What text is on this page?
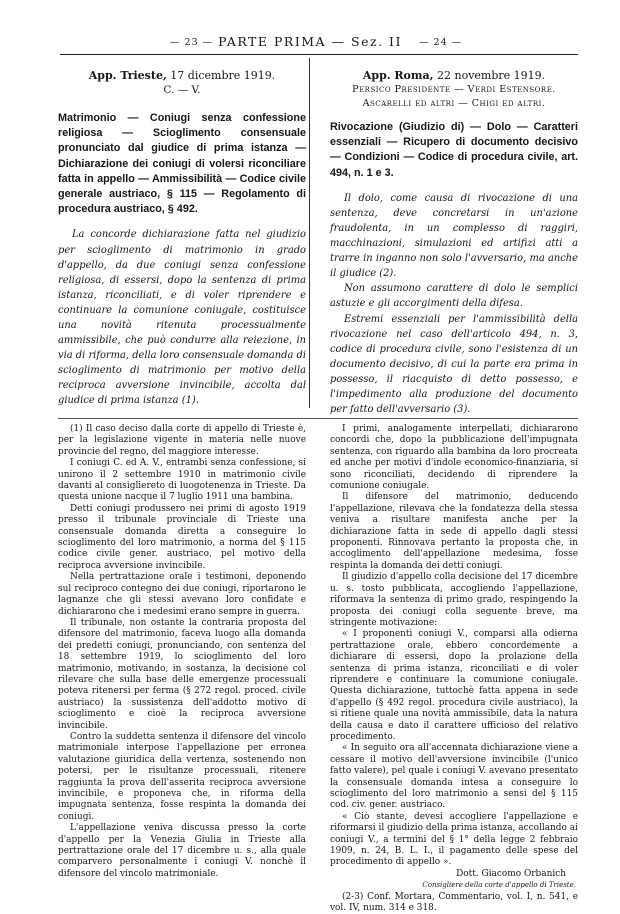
— 23 — PARTE PRIMA — Sez. II	— 24 —

App. Trieste, 17 dicembre 1919.

C. — V.

Matrimonio — Coniugi senza confessione religiosa — Scioglimento consensuale pronunciato dal giudice di prima istanza — Dichiarazione dei coniugi di volersi riconciliare fatta in appello — Ammissibilità — Codice civile generale austriaco, § 115 — Regolamento di procedura austriaco, § 492.

La concorde dichiarazione fatta nel giudizio per scioglimento di matrimonio in grado d'appello, da due coniugi senza confessione religiosa, di essersi, dopo la sentenza di prima istanza, riconciliati, e di voler riprendere e continuare la comunione coniugale, costituisce una novità ritenuta processualmente ammissibile, che può condurre alla reiezione, in via di riforma, della loro consensuale domanda di scioglimento di matrimonio per motivo della reciproca avversione invincibile, accolta dal giudice di prima istanza (1).

App. Roma, 22 novembre 1919.

Persico Presidente — Verdi Estensore.

Ascarelli ed altri — Chigi ed altri.

Rivocazione (Giudizio di) — Dolo — Caratteri essenziali — Ricupero di documento decisivo — Condizioni — Codice di procedura civile, art. 494, n. 1 e 3.

Il dolo, come causa di rivocazione di una sentenza, deve concretarsi in un'azione fraudolenta, in un complesso di raggiri, macchinazioni, simulazioni ed artifizi atti a trarre in inganno non solo l'avversario, ma anche il giudice (2).

Non assumono carattere di dolo le semplici astuzie e gli accorgimenti della difesa.

Estremi essenziali per l'ammissibilità della rivocazione nel caso dell'articolo 494, n. 3, codice di procedura civile, sono l'esistenza di un documento decisivo, di cui la parte era prima in possesso, il riacquisto di detto possesso, e l'impedimento alla produzione del documento per fatto dell'avversario (3).

(1) Il caso deciso dalla corte di appello di Trieste è, per la legislazione vigente in materia nelle nuove provincie del regno, del maggiore interesse.

I coniugi C. ed A. V., entrambi senza confessione, si unirono il 2 settembre 1910 in matrimonio civile davanti al consigliereto di luogotenenza in Trieste. Da questa unione nacque il 7 luglio 1911 una bambina.

Detti coniugi produssero nei primi di agosto 1919 presso il tribunale provinciale di Trieste una consensuale domanda diretta a conseguire lo scioglimento del loro matrimonio, a norma del § 115 codice civile gener. austriaco, pel motivo della reciproca avversione invincibile.

Nella pertrattazione orale i testimoni, deponendo sul reciproco contegno dei due coniugi, riportarono le lagnanze che gli stessi avevano loro confidate e dichiararono che i medesimi erano sempre in guerra.

Il tribunale, non ostante la contraria proposta del difensore del matrimonio, faceva luogo alla domanda dei predetti coniugi, pronunciando, con sentenza del 18 settembre 1919, lo scioglimento del loro matrimonio, motivando, in sostanza, la decisione col rilevare che sulla base delle emergenze processuali poteva ritenersi per ferma (§ 272 regol. proced. civile austriaco) la sussistenza dell'addotto motivo di scioglimento e cioè la reciproca avversione invincibile.

Contro la suddetta sentenza il difensore del vincolo matrimoniale interpose l'appellazione per erronea valutazione giuridica della vertenza, sostenendo non potersi, per le risultanze processuali, ritenere raggiunta la prova dell'asserita reciproca avversione invincibile, e proponeva che, in riforma della impugnata sentenza, fosse respinta la domanda dei coniugi.

L'appellazione veniva discussa presso la corte d'appello per la Venezia Giulia in Trieste alla pertrattazione orale del 17 dicembre u. s., alla quale comparvero personalmente i coniugi V. nonchè il difensore del vincolo matrimoniale.

I primi, analogamente interpellati, dichiararono concordi che, dopo la pubblicazione dell'impugnata sentenza, con riguardo alla bambina da loro procreata ed anche per motivi d'indole economico-finanziaria, si sono riconciliati, decidendo di riprendere la comunione coniugale.

Il difensore del matrimonio, deducendo l'appellazione, rilevava che la fondatezza della stessa veniva a risultare manifesta anche per la dichiarazione fatta in sede di appello dagli stessi proponenti. Rinnovava pertanto la proposta che, in accoglimento dell'appellazione medesima, fosse respinta la domanda dei detti coniugi.

Il giudizio d'appello colla decisione del 17 dicembre u. s. tosto pubblicata, accogliendo l'appellazione, riformava la sentenza di primo grado, respingendo la proposta dei coniugi colla seguente breve, ma stringente motivazione:

« I proponenti coniugi V., comparsi alla odierna pertrattazione orale, ebbero concordemente a dichiarare di essersi, dopo la prolazione della sentenza di prima istanza, riconciliati e di voler riprendere e continuare la comunione coniugale. Questa dichiarazione, tuttochè fatta appena in sede d'appello (§ 492 regol. procedura civile austriaco), la si ritiene quale una novità ammissibile, data la natura della causa e dato il carattere ufficioso del relativo procedimento.

« In seguito ora all'accennata dichiarazione viene a cessare il motivo dell'avversione invincibile (l'unico fatto valere), pel quale i coniugi V. avevano presentato la consensuale domanda intesa a conseguire lo scioglimento del loro matrimonio a sensi del § 115 cod. civ. gener. austriaco.

« Ciò stante, devesi accogliere l'appellazione e riformarsi il giudizio della prima istanza, accollando ai coniugi V., a termini del § 1° della legge 2 febbraio 1909, n. 24, B. L. I., il pagamento delle spese del procedimento di appello ».

Dott. Giacomo Orbanich

Consigliere della corte d'appello di Trieste.

(2-3) Conf. Mortara, Commentario, vol. I, n. 541, e vol. IV, num. 314 e 318.
